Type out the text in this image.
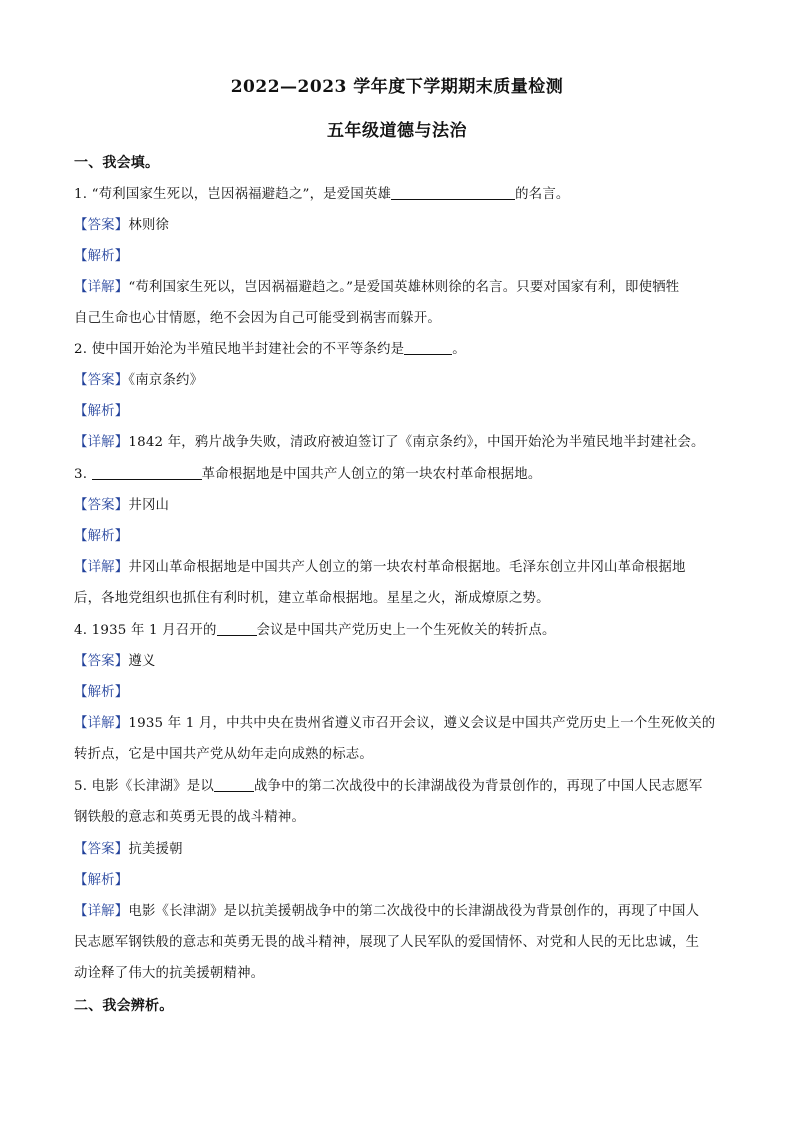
2022—2023 学年度下学期期末质量检测
五年级道德与法治
一、我会填。
1. “苟利国家生死以，岂因祸福避趋之”，是爱国英雄	的名言。
【答案】林则徐
【解析】
【详解】“苟利国家生死以，岂因祸福避趋之。”是爱国英雄林则徐的名言。只要对国家有利，即使牺牲
自己生命也心甘情愿，绝不会因为自己可能受到祸害而躲开。
2. 使中国开始沦为半殖民地半封建社会的不平等条约是	。
【答案】《南京条约》
【解析】
【详解】1842 年，鸦片战争失败，清政府被迫签订了《南京条约》，中国开始沦为半殖民地半封建社会。
3.	革命根据地是中国共产人创立的第一块农村革命根据地。
【答案】井冈山
【解析】
【详解】井冈山革命根据地是中国共产人创立的第一块农村革命根据地。毛泽东创立井冈山革命根据地
后，各地党组织也抓住有利时机，建立革命根据地。星星之火，渐成燎原之势。
4. 1935 年 1 月召开的	会议是中国共产党历史上一个生死攸关的转折点。
【答案】遵义
【解析】
【详解】1935 年 1 月，中共中央在贵州省遵义市召开会议，遵义会议是中国共产党历史上一个生死攸关的
转折点，它是中国共产党从幼年走向成熟的标志。
5. 电影《长津湖》是以	战争中的第二次战役中的长津湖战役为背景创作的，再现了中国人民志愿军
钢铁般的意志和英勇无畏的战斗精神。
【答案】抗美援朝
【解析】
【详解】电影《长津湖》是以抗美援朝战争中的第二次战役中的长津湖战役为背景创作的，再现了中国人
民志愿军钢铁般的意志和英勇无畏的战斗精神，展现了人民军队的爱国情怀、对党和人民的无比忠诚，生
动诠释了伟大的抗美援朝精神。
二、我会辨析。
